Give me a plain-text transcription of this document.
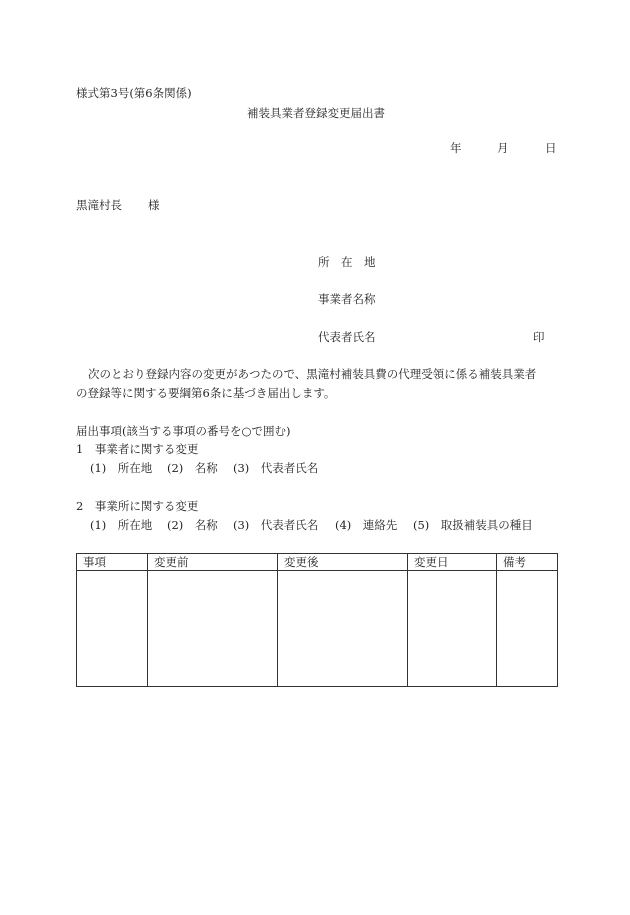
様式第3号(第6条関係)
補装具業者登録変更届出書
年	月	日
黒滝村長 様
所　在　地
事業者名称
代表者氏名	印
次のとおり登録内容の変更があつたので、黒滝村補装具費の代理受領に係る補装具業者
の登録等に関する要綱第6条に基づき届出します。
届出事項(該当する事項の番号を○で囲む)
1　事業者に関する変更
(1)　所在地 (2)　名称 (3)　代表者氏名
2　事業所に関する変更
(1)　所在地 (2)　名称 (3)　代表者氏名 (4)　連絡先 (5)　取扱補装具の種目
事項	変更前	変更後	変更日	備考
